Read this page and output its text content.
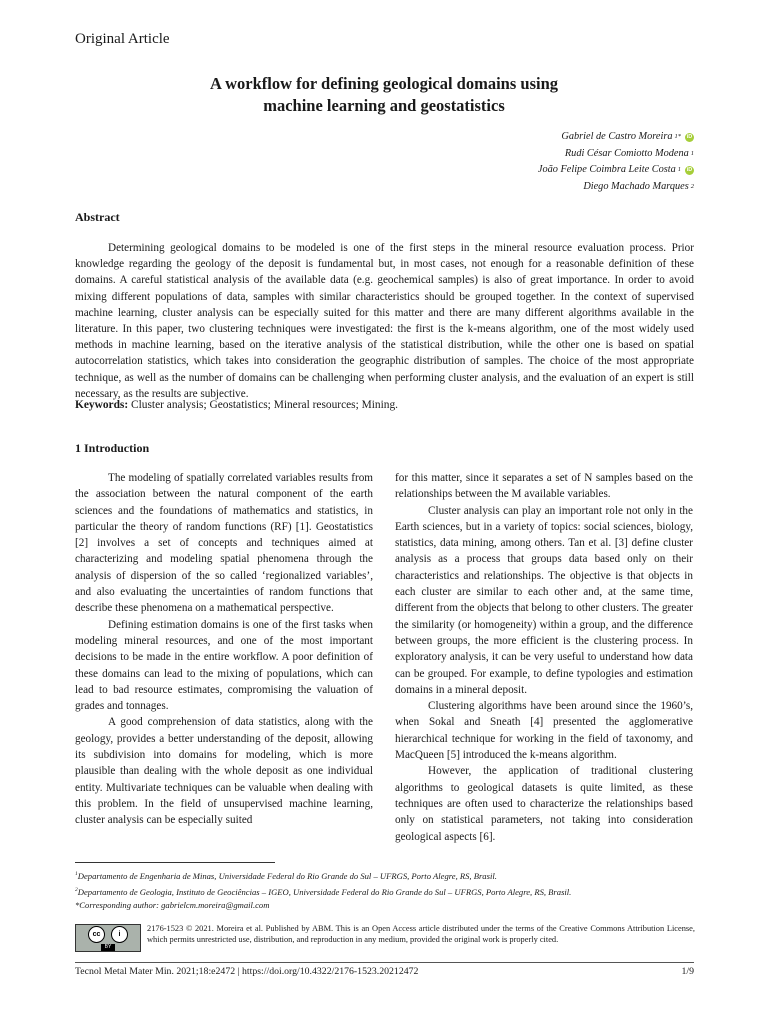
Original Article
A workflow for defining geological domains using
machine learning and geostatistics
Gabriel de Castro Moreira 1*	iD
Rudi César Comiotto Modena 1
João Felipe Coimbra Leite Costa 1	iD
Diego Machado Marques 2
Abstract

Determining geological domains to be modeled is one of the first steps in the mineral resource evaluation process. Prior knowledge regarding the geology of the deposit is fundamental but, in most cases, not enough for a reasonable definition of these domains. A careful statistical analysis of the available data (e.g. geochemical samples) is also of great importance. In order to avoid mixing different populations of data, samples with similar characteristics should be grouped together. In the context of supervised machine learning, cluster analysis can be especially suited for this matter and there are many different algorithms available in the literature. In this paper, two clustering techniques were investigated: the first is the k-means algorithm, one of the most widely used methods in machine learning, based on the iterative analysis of the statistical distribution, while the other one is based on spatial autocorrelation statistics, which takes into consideration the geographic distribution of samples. The choice of the most appropriate technique, as well as the number of domains can be challenging when performing cluster analysis, and the evaluation of an expert is still necessary, as the results are subjective.

Keywords: Cluster analysis; Geostatistics; Mineral resources; Mining.
1 Introduction

The modeling of spatially correlated variables results from the association between the natural component of the earth sciences and the foundations of mathematics and statistics, in particular the theory of random functions (RF) [1]. Geostatistics [2] involves a set of concepts and techniques aimed at characterizing and modeling spatial phenomena through the analysis of dispersion of the so called ‘regionalized variables’, and also evaluating the uncertainties of random functions that describe these phenomena on a mathematical perspective.

Defining estimation domains is one of the first tasks when modeling mineral resources, and one of the most important decisions to be made in the entire workflow. A poor definition of these domains can lead to the mixing of populations, which can lead to bad resource estimates, compromising the valuation of grades and tonnages.

A good comprehension of data statistics, along with the geology, provides a better understanding of the deposit, allowing its subdivision into domains for modeling, which is more plausible than dealing with the whole deposit as one individual entity. Multivariate techniques can be valuable when dealing with this problem. In the field of unsupervised machine learning, cluster analysis can be especially suited

for this matter, since it separates a set of N samples based on the relationships between the M available variables.

Cluster analysis can play an important role not only in the Earth sciences, but in a variety of topics: social sciences, biology, statistics, data mining, among others. Tan et al. [3] define cluster analysis as a process that groups data based only on their characteristics and relationships. The objective is that objects in each cluster are similar to each other and, at the same time, different from the objects that belong to other clusters. The greater the similarity (or homogeneity) within a group, and the difference between groups, the more efficient is the clustering process. In exploratory analysis, it can be very useful to understand how data can be grouped. For example, to define typologies and estimation domains in a mineral deposit.

Clustering algorithms have been around since the 1960’s, when Sokal and Sneath [4] presented the agglomerative hierarchical technique for working in the field of taxonomy, and MacQueen [5] introduced the k-means algorithm.

However, the application of traditional clustering algorithms to geological datasets is quite limited, as these techniques are often used to characterize the relationships based only on statistical parameters, not taking into consideration geological aspects [6].

$^1$Departamento de Engenharia de Minas, Universidade Federal do Rio Grande do Sul – UFRGS, Porto Alegre, RS, Brasil.
$^2$Departamento de Geologia, Instituto de Geociências – IGEO, Universidade Federal do Rio Grande do Sul – UFRGS, Porto Alegre, RS, Brasil.
*Corresponding author: gabrielcm.moreira@gmail.com
cc	i
BY
2176-1523 © 2021. Moreira et al. Published by ABM. This is an Open Access article distributed under the terms of the Creative Commons Attribution License, which permits unrestricted use, distribution, and reproduction in any medium, provided the original work is properly cited.
Tecnol Metal Mater Min. 2021;18:e2472 | https://doi.org/10.4322/2176-1523.20212472	1/9
